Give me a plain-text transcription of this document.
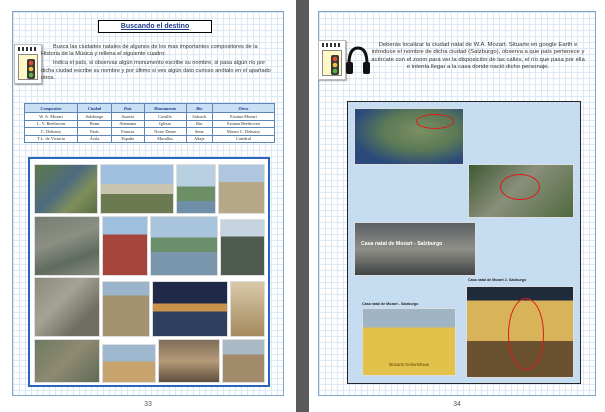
Buscando el destino

Busca las ciudades natales de algunos de los mas importantes compositores de la Historia de la Música y rellena el siguiente cuadro:

Indica el país, si observas algún monumento escribe su nombre, si pasa algún río por dicha ciudad escribe su nombre y por último si ves algún dato curioso anótalo en el apartado otros.

Compositor	Ciudad	País	Monumento	Río	Otros
W. A. Mozart	Salzburgo	Austria	Castillo	Salzach	Estatua Mozart
L. V. Beethoven	Bonn	Alemania	Iglesia	Rin	Estatua Beethoven
C. Debussy	París	Francia	Notre Dame	Sena	Museo C. Debussy
T.L. de Victoria	Ávila	España	Murallas	Adaja	Catedral
33
Deberás localizar la ciudad natal de W.A. Mozart. Situarte en google Earth e introduce el nombre de dicha ciudad (Salzburgo), observa a que país pertenece y acércate con el zoom para ver la disposición de las calles, el río que pasa por ella e intenta llegar a la casa donde nació dicho personaje.
Casa natal de Mozart - Salzburgo
Casa natal de Mozart - Salzburgo
Mozarts Geburtshaus
Casa natal de Mozart 2- Salzburgo
34
